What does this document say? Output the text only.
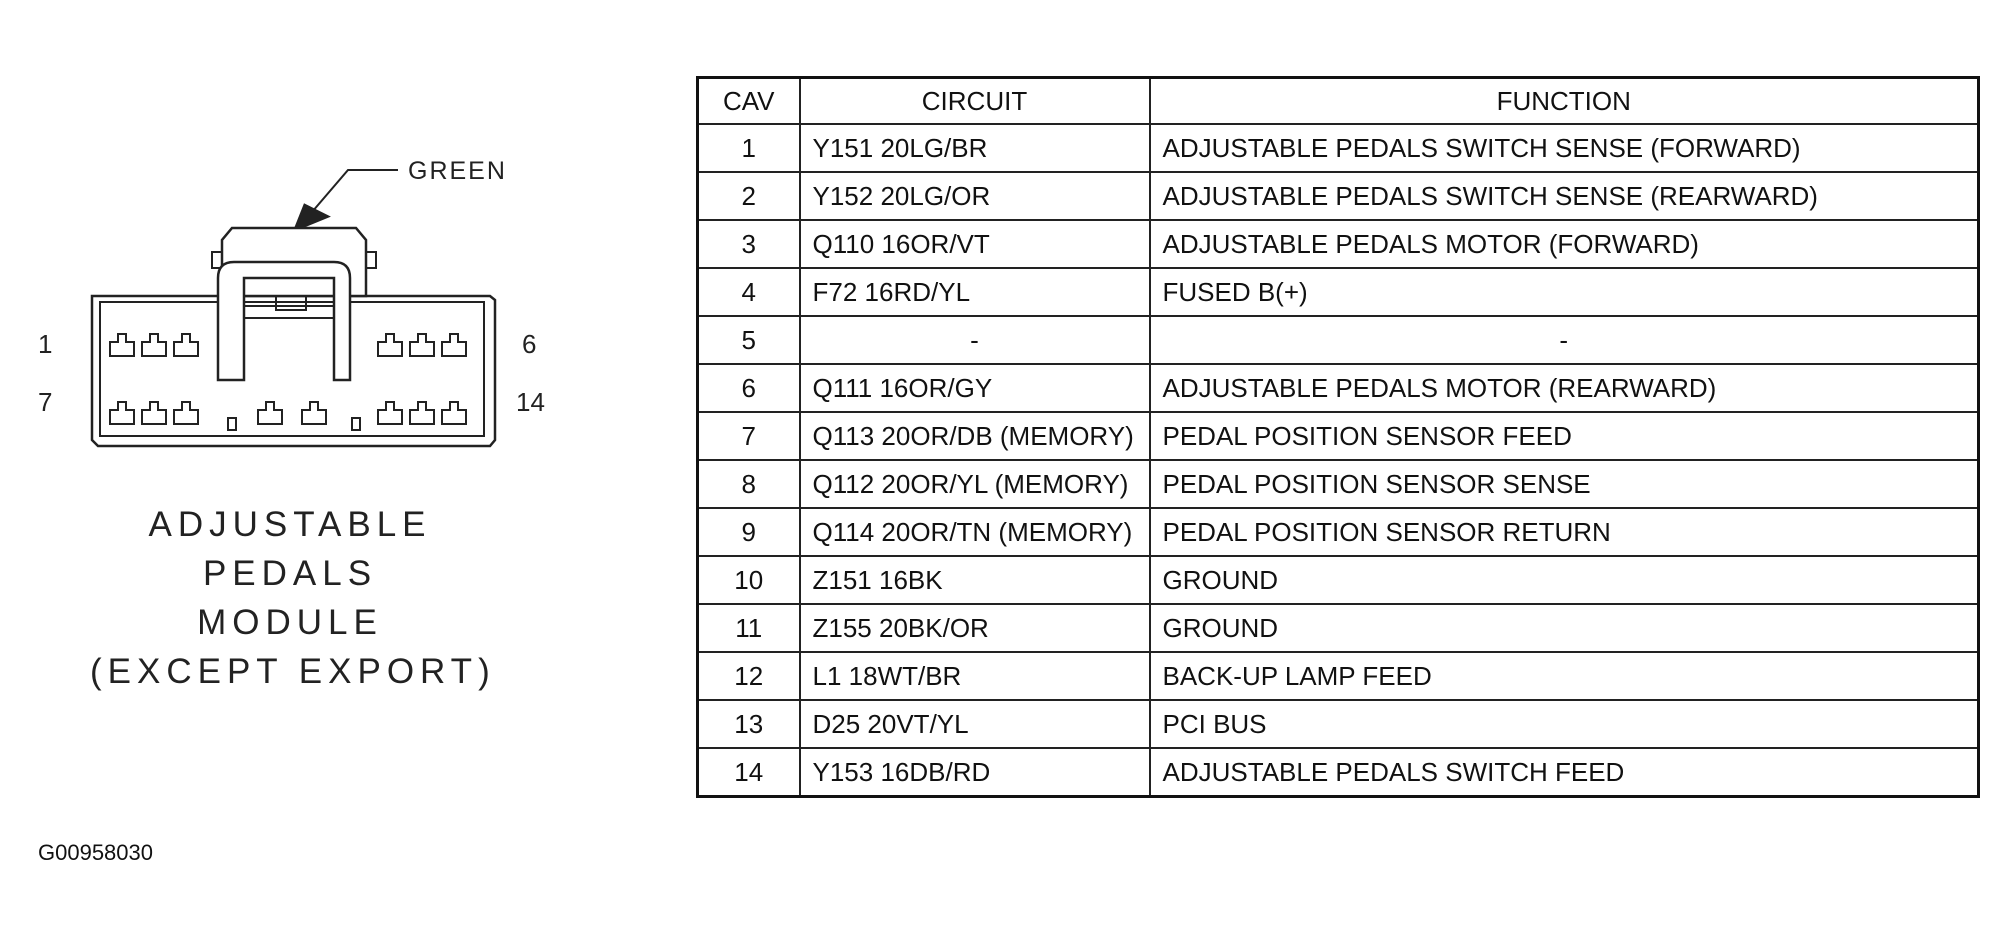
GREEN
1	6
7	14
ADJUSTABLE
PEDALS
MODULE
(EXCEPT EXPORT)
G00958030
CAV	CIRCUIT	FUNCTION
1	Y151 20LG/BR	ADJUSTABLE PEDALS SWITCH SENSE (FORWARD)
2	Y152 20LG/OR	ADJUSTABLE PEDALS SWITCH SENSE (REARWARD)
3	Q110 16OR/VT	ADJUSTABLE PEDALS MOTOR (FORWARD)
4	F72 16RD/YL	FUSED B(+)
5	-	-
6	Q111 16OR/GY	ADJUSTABLE PEDALS MOTOR (REARWARD)
7	Q113 20OR/DB (MEMORY)	PEDAL POSITION SENSOR FEED
8	Q112 20OR/YL (MEMORY)	PEDAL POSITION SENSOR SENSE
9	Q114 20OR/TN (MEMORY)	PEDAL POSITION SENSOR RETURN
10	Z151 16BK	GROUND
11	Z155 20BK/OR	GROUND
12	L1 18WT/BR	BACK-UP LAMP FEED
13	D25 20VT/YL	PCI BUS
14	Y153 16DB/RD	ADJUSTABLE PEDALS SWITCH FEED
